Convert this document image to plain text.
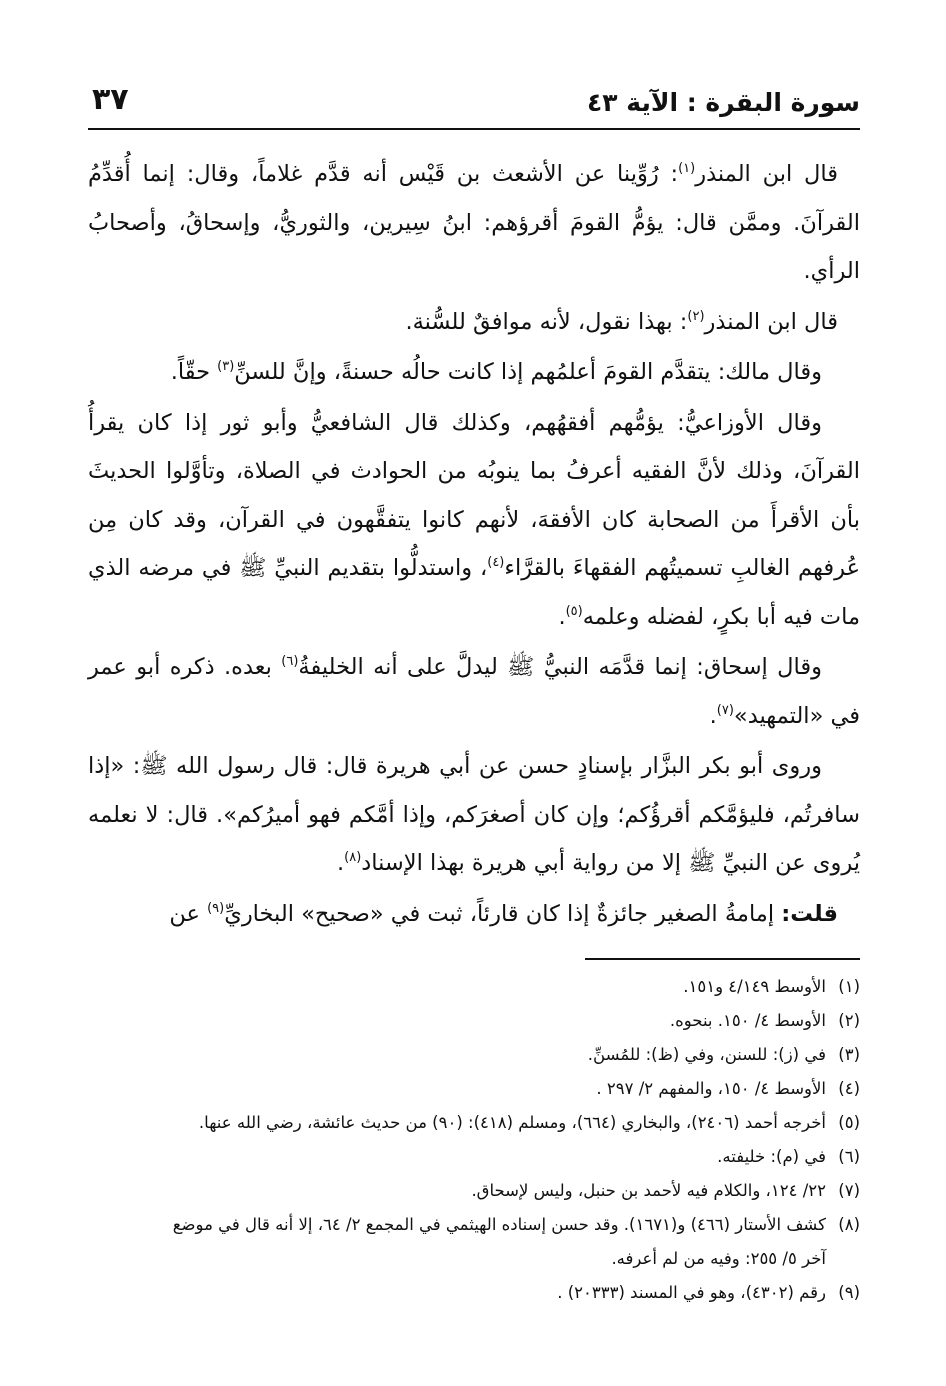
سورة البقرة : الآية ٤٣
٣٧

قال ابن المنذر$^{(١)}$: رُوِّينا عن الأشعث بن قَيْس أنه قدَّم غلاماً، وقال: إنما أُقدِّمُ القرآنَ. وممَّن قال: يؤمُّ القومَ أقرؤهم: ابنُ سِيرين، والثوريُّ، وإسحاقُ، وأصحابُ الرأي.

قال ابن المنذر$^{(٢)}$: بهذا نقول، لأنه موافقٌ للسُّنة.

وقال مالك: يتقدَّم القومَ أعلمُهم إذا كانت حالُه حسنةً، وإنَّ للسنِّ$^{(٣)}$ حقّاً.

وقال الأوزاعيُّ: يؤمُّهم أفقهُهم، وكذلك قال الشافعيُّ وأبو ثور إذا كان يقرأُ القرآنَ، وذلك لأنَّ الفقيه أعرفُ بما ينوبُه من الحوادث في الصلاة، وتأوَّلوا الحديثَ بأن الأقرأَ من الصحابة كان الأفقهَ، لأنهم كانوا يتفقَّهون في القرآن، وقد كان مِن عُرفهم الغالبِ تسميتُهم الفقهاءَ بالقرَّاء$^{(٤)}$، واستدلُّوا بتقديم النبيِّ ﷺ في مرضه الذي مات فيه أبا بكرٍ، لفضله وعلمه$^{(٥)}$.

وقال إسحاق: إنما قدَّمَه النبيُّ ﷺ ليدلَّ على أنه الخليفةُ$^{(٦)}$ بعده. ذكره أبو عمر في «التمهيد»$^{(٧)}$.

وروى أبو بكر البزَّار بإسنادٍ حسن عن أبي هريرة قال: قال رسول الله ﷺ: «إذا سافرتُم، فليؤمَّكم أقرؤُكم؛ وإن كان أصغرَكم، وإذا أمَّكم فهو أميرُكم». قال: لا نعلمه يُروى عن النبيِّ ﷺ إلا من رواية أبي هريرة بهذا الإسناد$^{(٨)}$.

قلت: إمامةُ الصغير جائزةٌ إذا كان قارئاً، ثبت في «صحيح» البخاريِّ$^{(٩)}$ عن

(١)الأوسط ٤/١٤٩ و١٥١.
(٢)الأوسط ٤/ ١٥٠. بنحوه.
(٣)في (ز): للسنن، وفي (ظ): للمُسنِّ.
(٤)الأوسط ٤/ ١٥٠، والمفهم ٢/ ٢٩٧ .
(٥)أخرجه أحمد (٢٤٠٦)، والبخاري (٦٦٤)، ومسلم (٤١٨): (٩٠) من حديث عائشة، رضي الله عنها.
(٦)في (م): خليفته.
(٧)٢٢/ ١٢٤، والكلام فيه لأحمد بن حنبل، وليس لإسحاق.
(٨)كشف الأستار (٤٦٦) و(١٦٧١). وقد حسن إسناده الهيثمي في المجمع ٢/ ٦٤، إلا أنه قال في موضع
آخر ٥/ ٢٥٥: وفيه من لم أعرفه.
(٩)رقم (٤٣٠٢)، وهو في المسند (٢٠٣٣٣) .
